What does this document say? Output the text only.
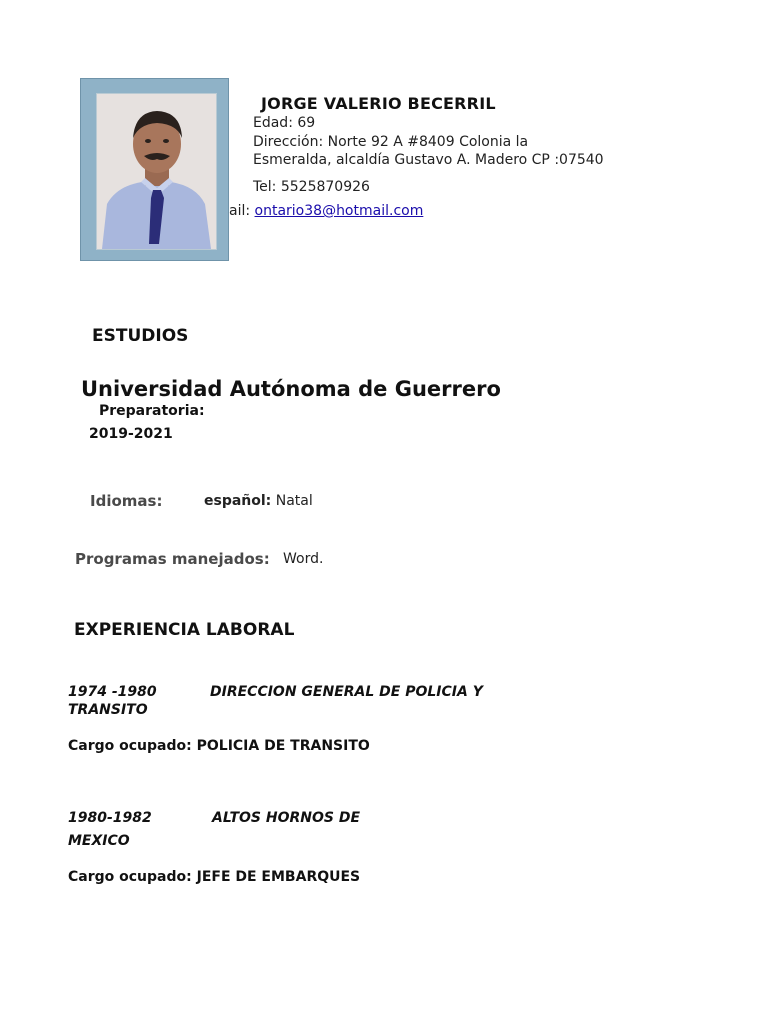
JORGE VALERIO BECERRIL
Edad: 69
Dirección: Norte 92 A #8409 Colonia la
Esmeralda, alcaldía Gustavo A. Madero CP :07540
Tel: 5525870926
ail: ontario38@hotmail.com
ESTUDIOS
Universidad Autónoma de Guerrero
Preparatoria:
2019-2021
Idiomas:	español: Natal
Programas manejados: Word.
EXPERIENCIA LABORAL
1974 -1980	DIRECCION GENERAL DE POLICIA Y
TRANSITO
Cargo ocupado: POLICIA DE TRANSITO
1980-1982	ALTOS HORNOS DE
MEXICO
Cargo ocupado: JEFE DE EMBARQUES
